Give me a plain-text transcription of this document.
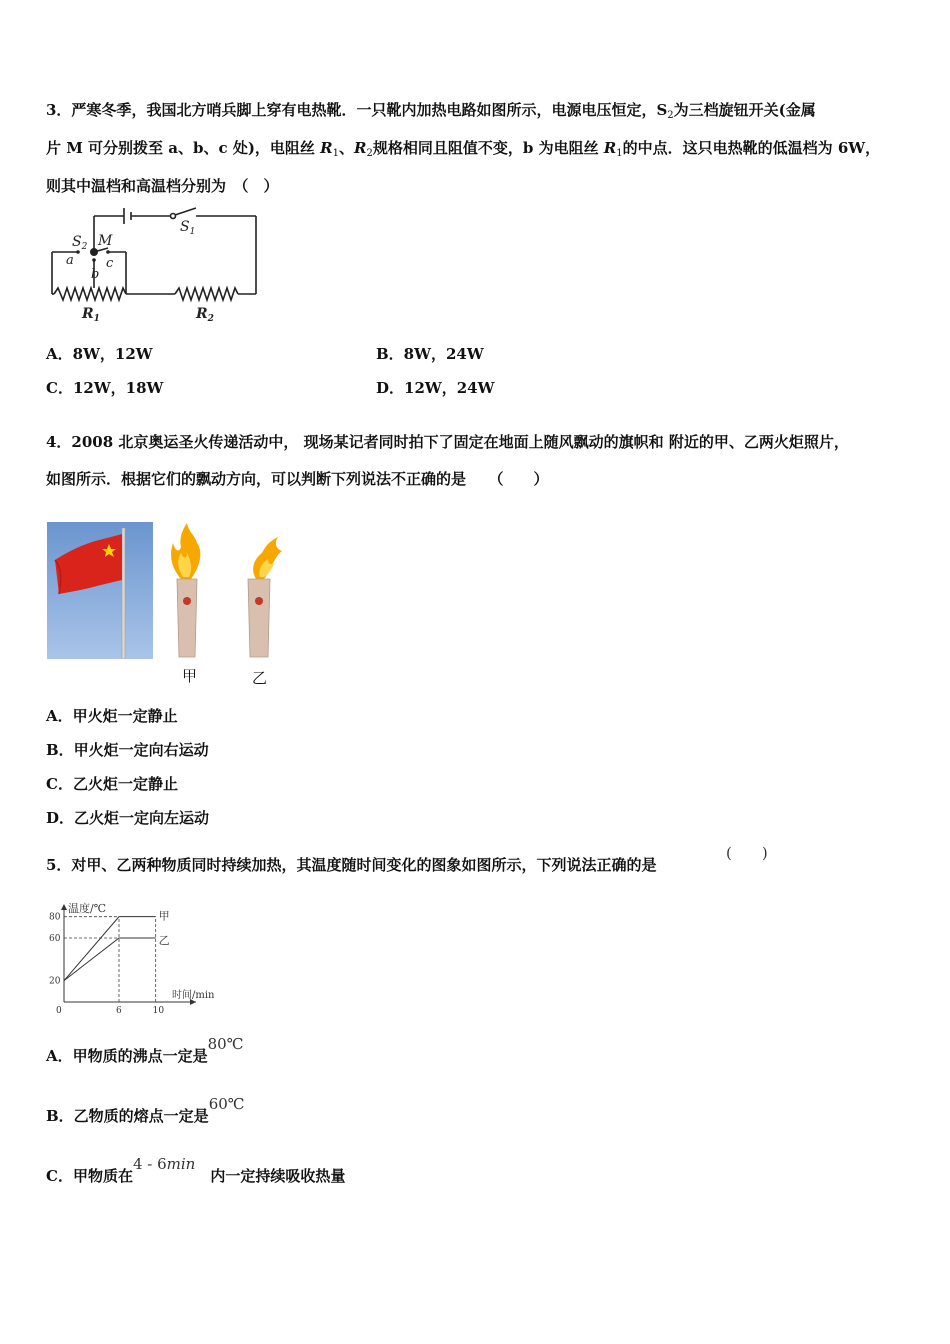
3．严寒冬季，我国北方哨兵脚上穿有电热靴．一只靴内加热电路如图所示，电源电压恒定，$S_2$为三档旋钮开关(金属
片 M 可分别拨至 a、b、c 处)，电阻丝 $R_1$、$R_2$规格相同且阻值不变，b 为电阻丝 $R_1$的中点．这只电热靴的低温档为 6W，
则其中温档和高温档分别为　（　）
$S_2$ M
a
b
c
$S_1$
$R_1$	$R_2$
A．8W，12W	B．8W，24W
C．12W，18W	D．12W，24W
4．2008 北京奥运圣火传递活动中， 现场某记者同时拍下了固定在地面上随风飘动的旗帜和 附近的甲、乙两火炬照片，
如图所示．根据它们的飘动方向，可以判断下列说法不正确的是　　（　　）
甲	乙
A．甲火炬一定静止
B．甲火炬一定向右运动
C．乙火炬一定静止
D．乙火炬一定向左运动
5．对甲、乙两种物质同时持续加热，其温度随时间变化的图象如图所示，下列说法正确的是
(　　)
温度/℃
时间/min
0	6	10
20
60
80	甲
乙
A．甲物质的沸点一定是80℃
B．乙物质的熔点一定是60℃
C．甲物质在4 - 6min　内一定持续吸收热量
